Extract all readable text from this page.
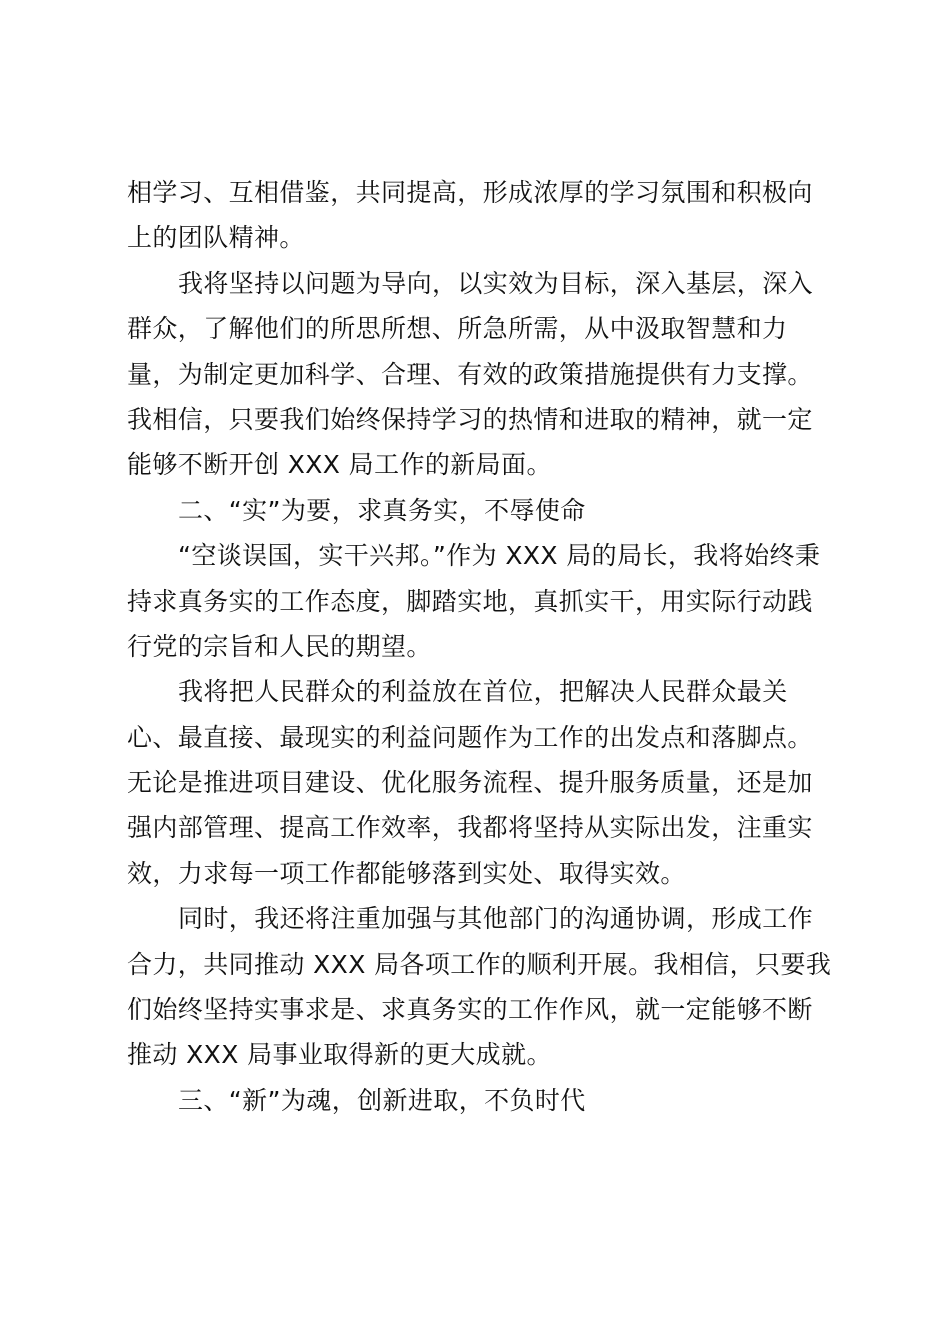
相学习、互相借鉴，共同提高，形成浓厚的学习氛围和积极向
上的团队精神。
我将坚持以问题为导向，以实效为目标，深入基层，深入
群众，了解他们的所思所想、所急所需，从中汲取智慧和力
量，为制定更加科学、合理、有效的政策措施提供有力支撑。
我相信，只要我们始终保持学习的热情和进取的精神，就一定
能够不断开创 XXX 局工作的新局面。
二、“实”为要，求真务实，不辱使命
“空谈误国，实干兴邦。”作为 XXX 局的局长，我将始终秉
持求真务实的工作态度，脚踏实地，真抓实干，用实际行动践
行党的宗旨和人民的期望。
我将把人民群众的利益放在首位，把解决人民群众最关
心、最直接、最现实的利益问题作为工作的出发点和落脚点。
无论是推进项目建设、优化服务流程、提升服务质量，还是加
强内部管理、提高工作效率，我都将坚持从实际出发，注重实
效，力求每一项工作都能够落到实处、取得实效。
同时，我还将注重加强与其他部门的沟通协调，形成工作
合力，共同推动 XXX 局各项工作的顺利开展。我相信，只要我
们始终坚持实事求是、求真务实的工作作风，就一定能够不断
推动 XXX 局事业取得新的更大成就。
三、“新”为魂，创新进取，不负时代
